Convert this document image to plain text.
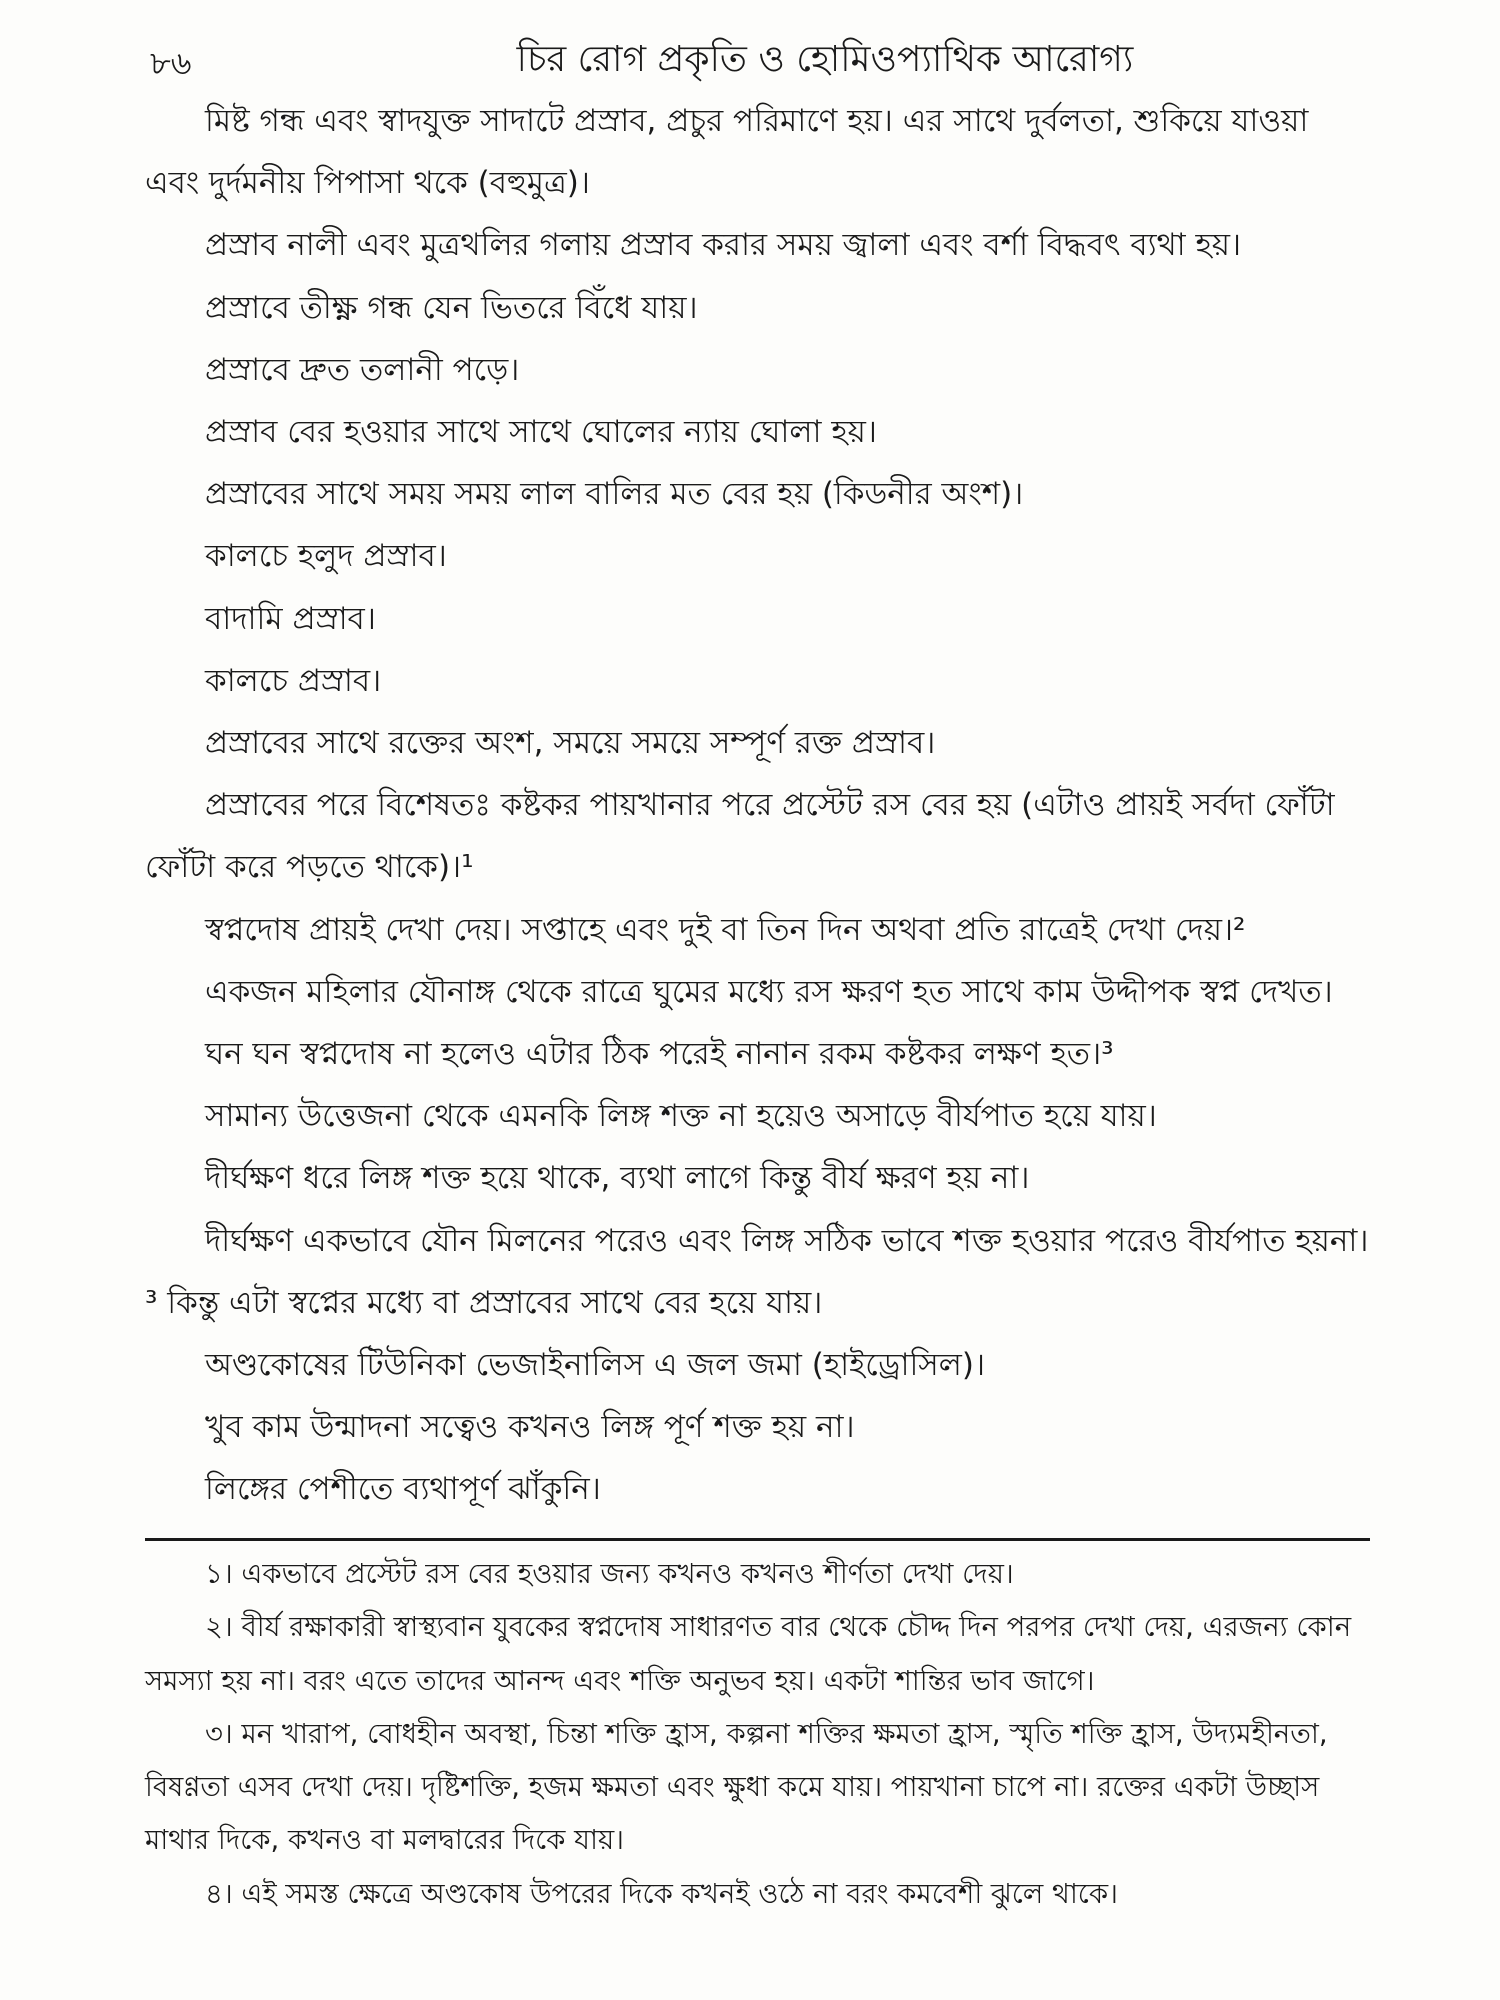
৮৬	চির রোগ প্রকৃতি ও হোমিওপ্যাথিক আরোগ্য

মিষ্ট গন্ধ এবং স্বাদযুক্ত সাদাটে প্রস্রাব, প্রচুর পরিমাণে হয়। এর সাথে দুর্বলতা, শুকিয়ে যাওয়া এবং দুর্দমনীয় পিপাসা থকে (বহুমুত্র)।

প্রস্রাব নালী এবং মুত্রথলির গলায় প্রস্রাব করার সময় জ্বালা এবং বর্শা বিদ্ধবৎ ব্যথা হয়।

প্রস্রাবে তীক্ষ্ণ গন্ধ যেন ভিতরে বিঁধে যায়।

প্রস্রাবে দ্রুত তলানী পড়ে।

প্রস্রাব বের হওয়ার সাথে সাথে ঘোলের ন্যায় ঘোলা হয়।

প্রস্রাবের সাথে সময় সময় লাল বালির মত বের হয় (কিডনীর অংশ)।

কালচে হলুদ প্রস্রাব।

বাদামি প্রস্রাব।

কালচে প্রস্রাব।

প্রস্রাবের সাথে রক্তের অংশ, সময়ে সময়ে সম্পূর্ণ রক্ত প্রস্রাব।

প্রস্রাবের পরে বিশেষতঃ কষ্টকর পায়খানার পরে প্রস্টেট রস বের হয় (এটাও প্রায়ই সর্বদা ফোঁটা ফোঁটা করে পড়তে থাকে)।¹

স্বপ্নদোষ প্রায়ই দেখা দেয়। সপ্তাহে এবং দুই বা তিন দিন অথবা প্রতি রাত্রেই দেখা দেয়।²

একজন মহিলার যৌনাঙ্গ থেকে রাত্রে ঘুমের মধ্যে রস ক্ষরণ হত সাথে কাম উদ্দীপক স্বপ্ন দেখত।

ঘন ঘন স্বপ্নদোষ না হলেও এটার ঠিক পরেই নানান রকম কষ্টকর লক্ষণ হত।³

সামান্য উত্তেজনা থেকে এমনকি লিঙ্গ শক্ত না হয়েও অসাড়ে বীর্যপাত হয়ে যায়।

দীর্ঘক্ষণ ধরে লিঙ্গ শক্ত হয়ে থাকে, ব্যথা লাগে কিন্তু বীর্য ক্ষরণ হয় না।

দীর্ঘক্ষণ একভাবে যৌন মিলনের পরেও এবং লিঙ্গ সঠিক ভাবে শক্ত হওয়ার পরেও বীর্যপাত হয়না।³ কিন্তু এটা স্বপ্নের মধ্যে বা প্রস্রাবের সাথে বের হয়ে যায়।

অণ্ডকোষের টিউনিকা ভেজাইনালিস এ জল জমা (হাইড্রোসিল)।

খুব কাম উন্মাদনা সত্বেও কখনও লিঙ্গ পূর্ণ শক্ত হয় না।

লিঙ্গের পেশীতে ব্যথাপূর্ণ ঝাঁকুনি।

১। একভাবে প্রস্টেট রস বের হওয়ার জন্য কখনও কখনও শীর্ণতা দেখা দেয়।

২। বীর্য রক্ষাকারী স্বাস্থ্যবান যুবকের স্বপ্নদোষ সাধারণত বার থেকে চৌদ্দ দিন পরপর দেখা দেয়, এরজন্য কোন সমস্যা হয় না। বরং এতে তাদের আনন্দ এবং শক্তি অনুভব হয়। একটা শান্তির ভাব জাগে।

৩। মন খারাপ, বোধহীন অবস্থা, চিন্তা শক্তি হ্রাস, কল্পনা শক্তির ক্ষমতা হ্রাস, স্মৃতি শক্তি হ্রাস, উদ্যমহীনতা, বিষণ্ণতা এসব দেখা দেয়। দৃষ্টিশক্তি, হজম ক্ষমতা এবং ক্ষুধা কমে যায়। পায়খানা চাপে না। রক্তের একটা উচ্ছাস মাথার দিকে, কখনও বা মলদ্বারের দিকে যায়।

৪। এই সমস্ত ক্ষেত্রে অণ্ডকোষ উপরের দিকে কখনই ওঠে না বরং কমবেশী ঝুলে থাকে।
